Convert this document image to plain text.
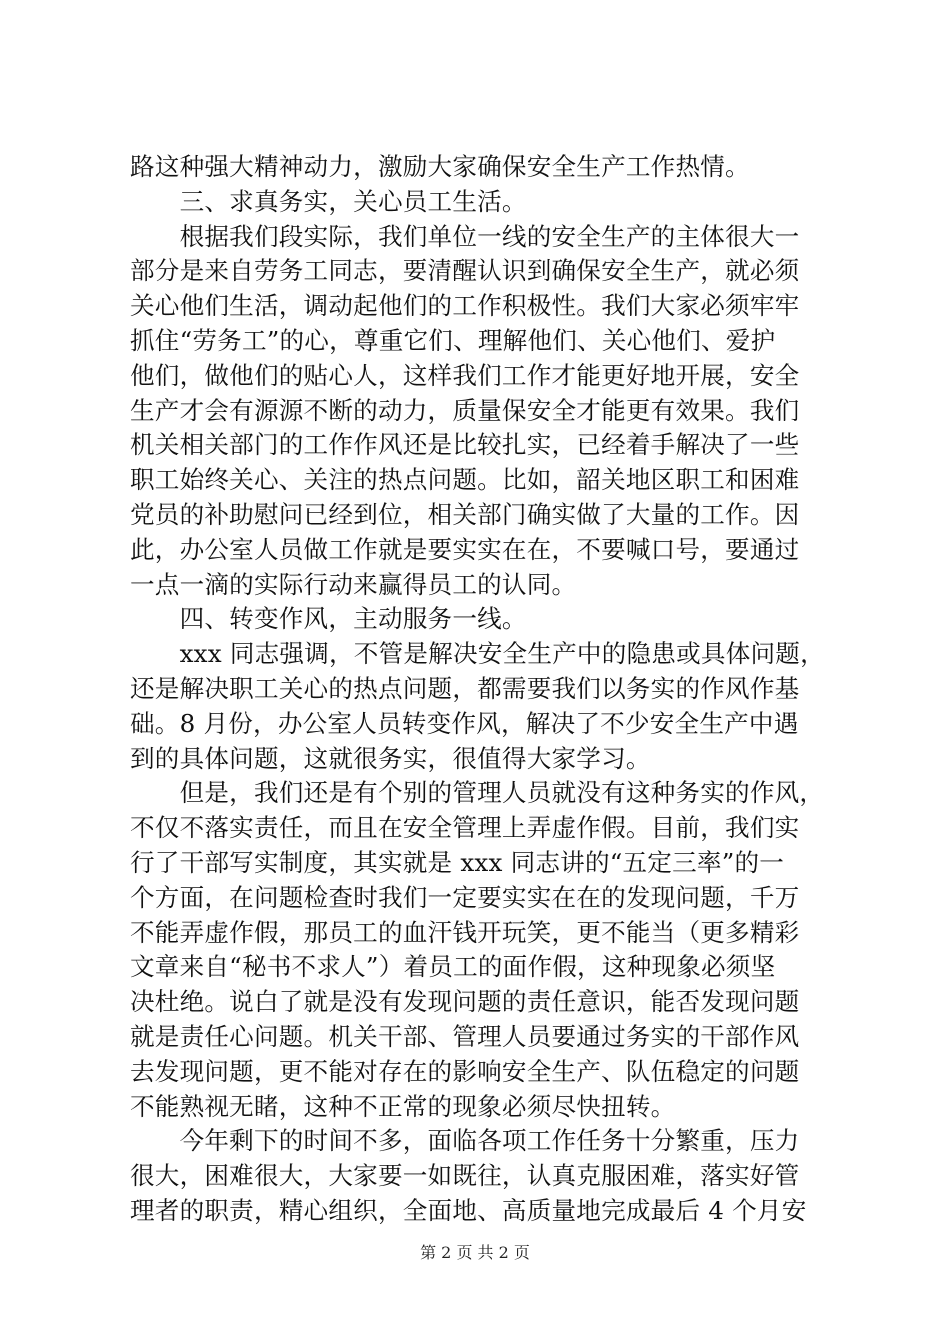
路这种强大精神动力，激励大家确保安全生产工作热情。
　　三、求真务实，关心员工生活。
　　根据我们段实际，我们单位一线的安全生产的主体很大一
部分是来自劳务工同志，要清醒认识到确保安全生产，就必须
关心他们生活，调动起他们的工作积极性。我们大家必须牢牢
抓住“劳务工”的心，尊重它们、理解他们、关心他们、爱护
他们，做他们的贴心人，这样我们工作才能更好地开展，安全
生产才会有源源不断的动力，质量保安全才能更有效果。我们
机关相关部门的工作作风还是比较扎实，已经着手解决了一些
职工始终关心、关注的热点问题。比如，韶关地区职工和困难
党员的补助慰问已经到位，相关部门确实做了大量的工作。因
此，办公室人员做工作就是要实实在在，不要喊口号，要通过
一点一滴的实际行动来赢得员工的认同。
　　四、转变作风，主动服务一线。
　　xxx 同志强调，不管是解决安全生产中的隐患或具体问题，
还是解决职工关心的热点问题，都需要我们以务实的作风作基
础。8 月份，办公室人员转变作风，解决了不少安全生产中遇
到的具体问题，这就很务实，很值得大家学习。
　　但是，我们还是有个别的管理人员就没有这种务实的作风，
不仅不落实责任，而且在安全管理上弄虚作假。目前，我们实
行了干部写实制度，其实就是 xxx 同志讲的“五定三率”的一
个方面，在问题检查时我们一定要实实在在的发现问题，千万
不能弄虚作假，那员工的血汗钱开玩笑，更不能当（更多精彩
文章来自“秘书不求人”）着员工的面作假，这种现象必须坚
决杜绝。说白了就是没有发现问题的责任意识，能否发现问题
就是责任心问题。机关干部、管理人员要通过务实的干部作风
去发现问题，更不能对存在的影响安全生产、队伍稳定的问题
不能熟视无睹，这种不正常的现象必须尽快扭转。
　　今年剩下的时间不多，面临各项工作任务十分繁重，压力
很大，困难很大，大家要一如既往，认真克服困难，落实好管
第 2 页 共 2 页
理者的职责，精心组织，全面地、高质量地完成最后 4 个月安
